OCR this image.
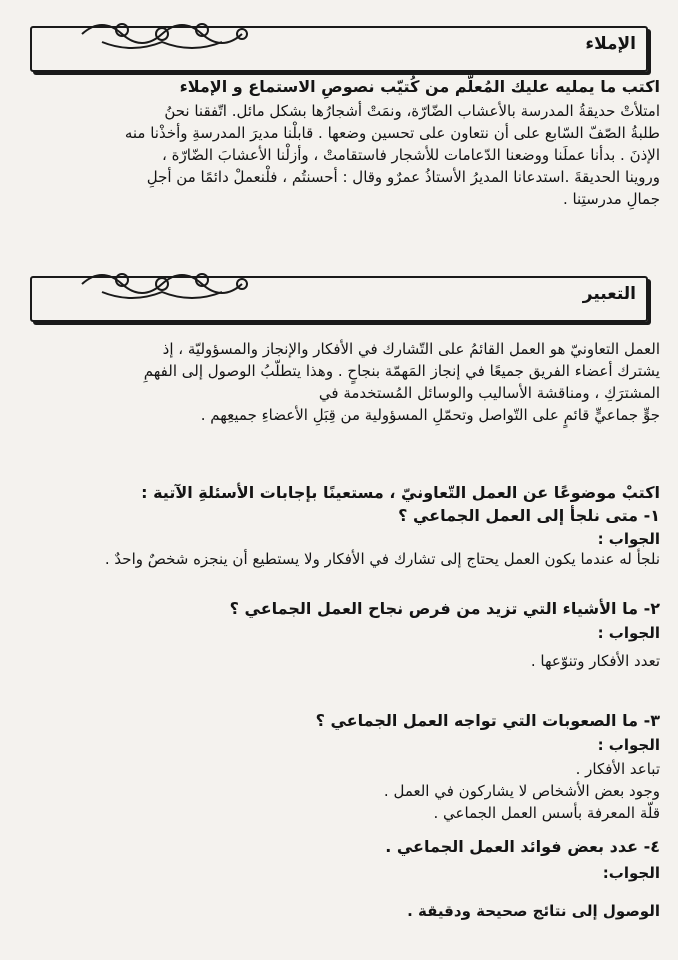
الإملاء
اكتب ما يمليه عليك المُعلّم من كُتيّب نصوصِ الاستماع و الإملاء
امتلأتْ حديقةُ المدرسة بالأعشاب الضّارّة، ونمَتْ أشجارُها بشكل مائل. اتّفقنا نحنُ
طلبةُ الصّفّ السّابع على أن نتعاون على تحسين وضعها . قابلْنا مديرَ المدرسةِ وأخذْنا منه
الإذنَ . بدأنا عملَنا ووضعنا الدّعامات للأشجار فاستقامتْ ، وأزلْنا الأعشابَ الضّارّة ،
وروينا الحديقةَ .استدعانا المديرُ الأستاذُ عمرٌو وقال : أحسنتُم ، فلْنعملْ دائمًا من أجلِ
جمالِ مدرستِنا .
التعبير
العمل التعاونيّ هو العمل القائمُ على التّشارك في الأفكار والإنجاز والمسؤوليّة ، إذ
يشترك أعضاء الفريق جميعًا في إنجاز المَهمّة بنجاحٍ . وهذا يتطلّبُ الوصول إلى الفهمِ
المشترَكِ ، ومناقشة الأساليب والوسائل المُستخدمة في
جوٍّ جماعيٍّ قائمٍ على التّواصل وتحمّلِ المسؤولية من قِبَلِ الأعضاءِ جميعِهم .
اكتبْ موضوعًا عن العمل التّعاونيّ ، مستعينًا بإجابات الأسئلةِ الآتية :
١- متى نلجأ إلى العمل الجماعي ؟
الجواب :
نلجأ له عندما يكون العمل يحتاج إلى تشارك في الأفكار ولا يستطيع أن ينجزه شخصٌ واحدٌ .
٢- ما الأشياء التي تزيد من فرص نجاح العمل الجماعي ؟
الجواب :
تعدد الأفكار وتنوّعها .
٣- ما الصعوبات التي تواجه العمل الجماعي ؟
الجواب :
تباعد الأفكار .
وجود بعض الأشخاص لا يشاركون في العمل .
قلّة المعرفة بأسس العمل الجماعي .
٤- عدد بعض فوائد العمل الجماعي .
الجواب:
الوصول إلى نتائج صحيحة ودقيقة .
